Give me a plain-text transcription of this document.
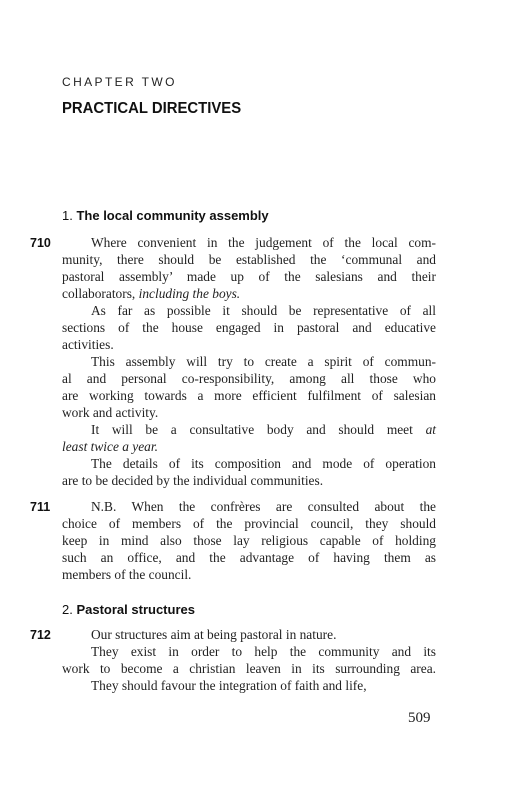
CHAPTER TWO
PRACTICAL DIRECTIVES
1. The local community assembly
710	Where convenient in the judgement of the local com-
munity, there should be established the ‘communal and
pastoral assembly’ made up of the salesians and their
collaborators, including the boys.
As far as possible it should be representative of all
sections of the house engaged in pastoral and educative
activities.
This assembly will try to create a spirit of commun-
al and personal co-responsibility, among all those who
are working towards a more efficient fulfilment of salesian
work and activity.
It will be a consultative body and should meet at
least twice a year.
The details of its composition and mode of operation
are to be decided by the individual communities.
711	N.B. When the confrères are consulted about the
choice of members of the provincial council, they should
keep in mind also those lay religious capable of holding
such an office, and the advantage of having them as
members of the council.
2. Pastoral structures
712	Our structures aim at being pastoral in nature.
They exist in order to help the community and its
work to become a christian leaven in its surrounding area.
They should favour the integration of faith and life,
509
